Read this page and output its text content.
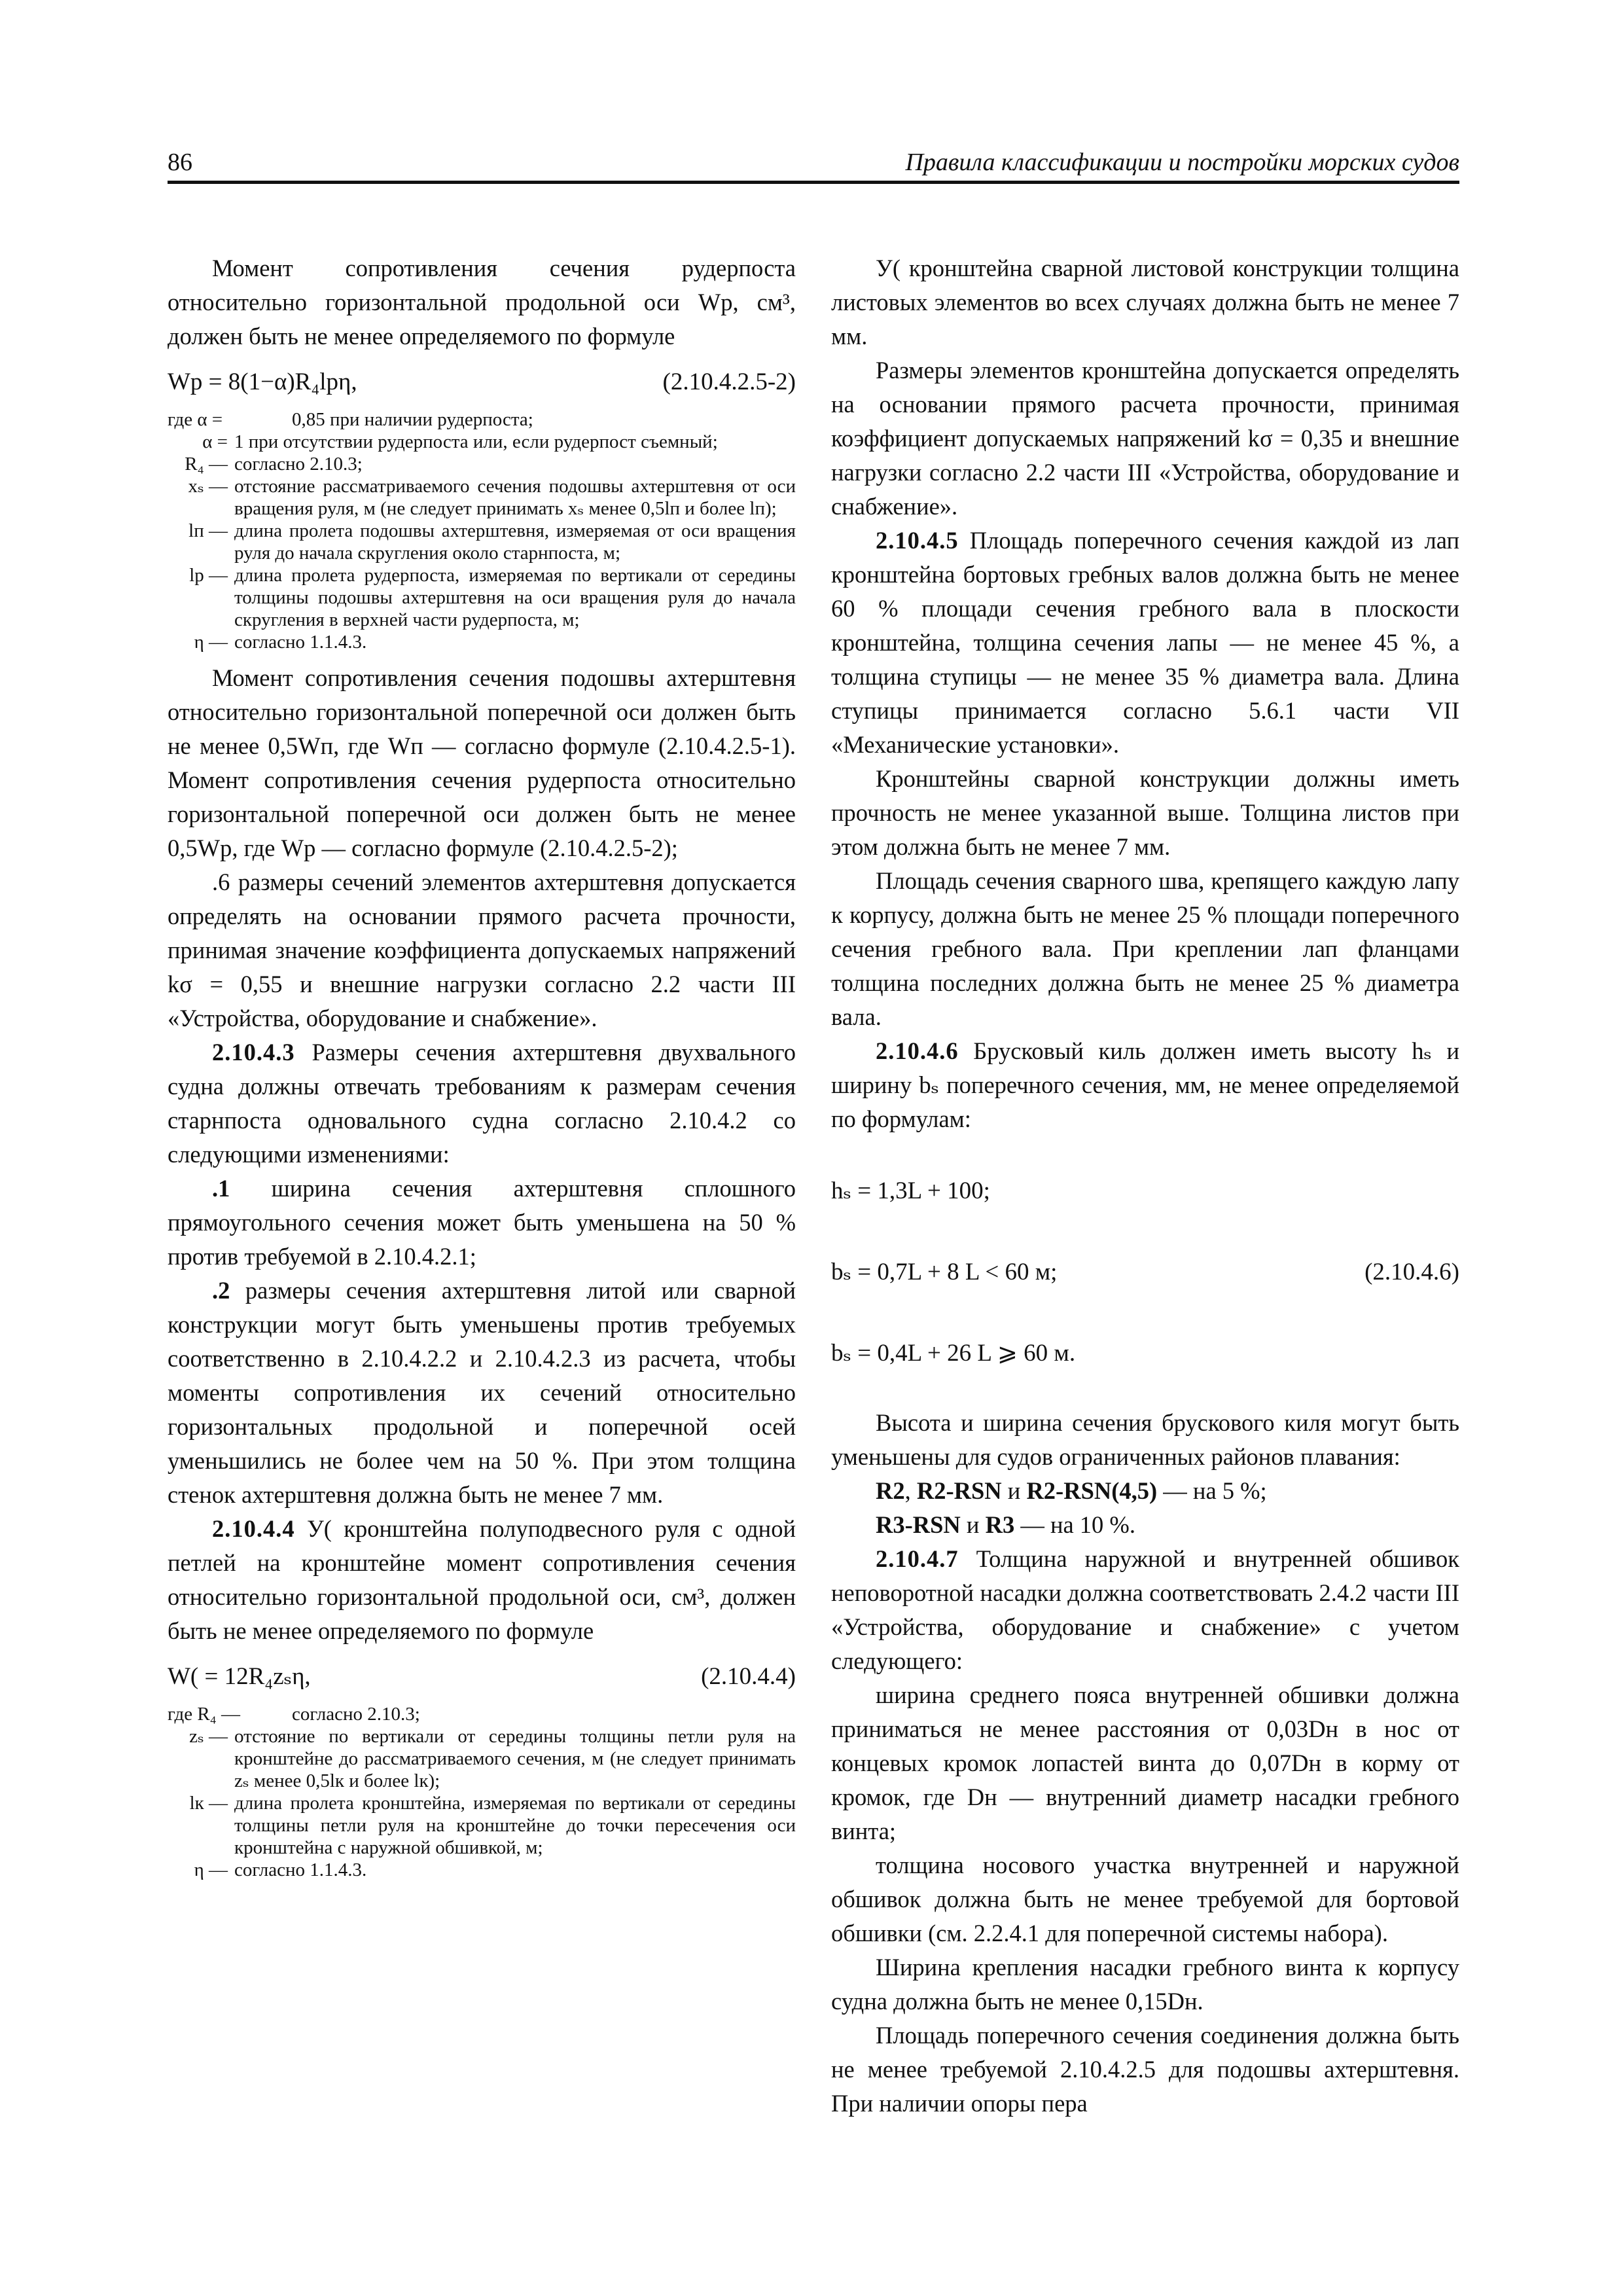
86	Правила классификации и постройки морских судов

Момент сопротивления сечения рудерпоста относительно горизонтальной продольной оси Wр, см³, должен быть не менее определяемого по формуле

Wр = 8(1−α)R₄lрη,	(2.10.4.2.5-2)
где α =	0,85 при наличии рудерпоста;
α = 1 при отсутствии рудерпоста или, если рудерпост съемный;
R₄ — согласно 2.10.3;
xₛ — отстояние рассматриваемого сечения подошвы ахтерштевня от оси вращения руля, м (не следует принимать xₛ менее 0,5lп и более lп);
lп — длина пролета подошвы ахтерштевня, измеряемая от оси вращения руля до начала скругления около старнпоста, м;
lр — длина пролета рудерпоста, измеряемая по вертикали от середины толщины подошвы ахтерштевня на оси вращения руля до начала скругления в верхней части рудерпоста, м;
η — согласно 1.1.4.3.

Момент сопротивления сечения подошвы ахтерштевня относительно горизонтальной поперечной оси должен быть не менее 0,5Wп, где Wп — согласно формуле (2.10.4.2.5-1). Момент сопротивления сечения рудерпоста относительно горизонтальной поперечной оси должен быть не менее 0,5Wр, где Wр — согласно формуле (2.10.4.2.5-2);

.6 размеры сечений элементов ахтерштевня допускается определять на основании прямого расчета прочности, принимая значение коэффициента допускаемых напряжений kσ = 0,55 и внешние нагрузки согласно 2.2 части III «Устройства, оборудование и снабжение».

2.10.4.3 Размеры сечения ахтерштевня двухвального судна должны отвечать требованиям к размерам сечения старнпоста одновального судна согласно 2.10.4.2 со следующими изменениями:

.1 ширина сечения ахтерштевня сплошного прямоугольного сечения может быть уменьшена на 50 % против требуемой в 2.10.4.2.1;

.2 размеры сечения ахтерштевня литой или сварной конструкции могут быть уменьшены против требуемых соответственно в 2.10.4.2.2 и 2.10.4.2.3 из расчета, чтобы моменты сопротивления их сечений относительно горизонтальных продольной и поперечной осей уменьшились не более чем на 50 %. При этом толщина стенок ахтерштевня должна быть не менее 7 мм.

2.10.4.4 У( кронштейна полуподвесного руля с одной петлей на кронштейне момент сопротивления сечения относительно горизонтальной продольной оси, см³, должен быть не менее определяемого по формуле

W( = 12R₄zₛη,	(2.10.4.4)
где R₄ —	согласно 2.10.3;
zₛ — отстояние по вертикали от середины толщины петли руля на кронштейне до рассматриваемого сечения, м (не следует принимать zₛ менее 0,5lк и более lк);
lк — длина пролета кронштейна, измеряемая по вертикали от середины толщины петли руля на кронштейне до точки пересечения оси кронштейна с наружной обшивкой, м;
η — согласно 1.1.4.3.

У( кронштейна сварной листовой конструкции толщина листовых элементов во всех случаях должна быть не менее 7 мм.

Размеры элементов кронштейна допускается определять на основании прямого расчета прочности, принимая коэффициент допускаемых напряжений kσ = 0,35 и внешние нагрузки согласно 2.2 части III «Устройства, оборудование и снабжение».

2.10.4.5 Площадь поперечного сечения каждой из лап кронштейна бортовых гребных валов должна быть не менее 60 % площади сечения гребного вала в плоскости кронштейна, толщина сечения лапы — не менее 45 %, а толщина ступицы — не менее 35 % диаметра вала. Длина ступицы принимается согласно 5.6.1 части VII «Механические установки».

Кронштейны сварной конструкции должны иметь прочность не менее указанной выше. Толщина листов при этом должна быть не менее 7 мм.

Площадь сечения сварного шва, крепящего каждую лапу к корпусу, должна быть не менее 25 % площади поперечного сечения гребного вала. При креплении лап фланцами толщина последних должна быть не менее 25 % диаметра вала.

2.10.4.6 Брусковый киль должен иметь высоту hₛ и ширину bₛ поперечного сечения, мм, не менее определяемой по формулам:

hₛ = 1,3L + 100;
bₛ = 0,7L + 8 L < 60 м;	(2.10.4.6)
bₛ = 0,4L + 26 L ⩾ 60 м.

Высота и ширина сечения брускового киля могут быть уменьшены для судов ограниченных районов плавания:

R2, R2-RSN и R2-RSN(4,5) — на 5 %;

R3-RSN и R3 — на 10 %.

2.10.4.7 Толщина наружной и внутренней обшивок неповоротной насадки должна соответствовать 2.4.2 части III «Устройства, оборудование и снабжение» с учетом следующего:

ширина среднего пояса внутренней обшивки должна приниматься не менее расстояния от 0,03Dн в нос от концевых кромок лопастей винта до 0,07Dн в корму от кромок, где Dн — внутренний диаметр насадки гребного винта;

толщина носового участка внутренней и наружной обшивок должна быть не менее требуемой для бортовой обшивки (см. 2.2.4.1 для поперечной системы набора).

Ширина крепления насадки гребного винта к корпусу судна должна быть не менее 0,15Dн.

Площадь поперечного сечения соединения должна быть не менее требуемой 2.10.4.2.5 для подошвы ахтерштевня. При наличии опоры пера
